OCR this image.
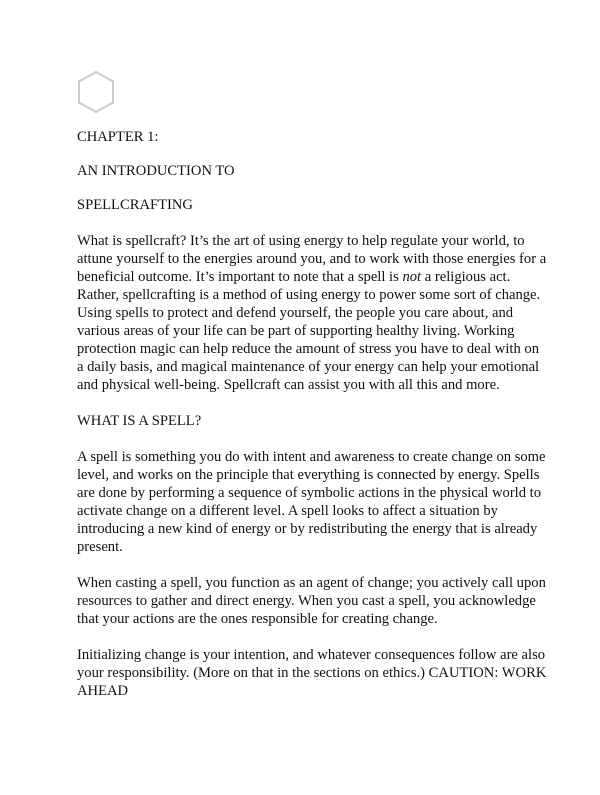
CHAPTER 1:

AN INTRODUCTION TO

SPELLCRAFTING

What is spellcraft? It’s the art of using energy to help regulate your world, to attune yourself to the energies around you, and to work with those energies for a beneficial outcome. It’s important to note that a spell is not a religious act. Rather, spellcrafting is a method of using energy to power some sort of change. Using spells to protect and defend yourself, the people you care about, and various areas of your life can be part of supporting healthy living. Working protection magic can help reduce the amount of stress you have to deal with on a daily basis, and magical maintenance of your energy can help your emotional and physical well-being. Spellcraft can assist you with all this and more.

WHAT IS A SPELL?

A spell is something you do with intent and awareness to create change on some level, and works on the principle that everything is connected by energy. Spells are done by performing a sequence of symbolic actions in the physical world to activate change on a different level. A spell looks to affect a situation by introducing a new kind of energy or by redistributing the energy that is already present.

When casting a spell, you function as an agent of change; you actively call upon resources to gather and direct energy. When you cast a spell, you acknowledge that your actions are the ones responsible for creating change.

Initializing change is your intention, and whatever consequences follow are also your responsibility. (More on that in the sections on ethics.) CAUTION: WORK AHEAD
